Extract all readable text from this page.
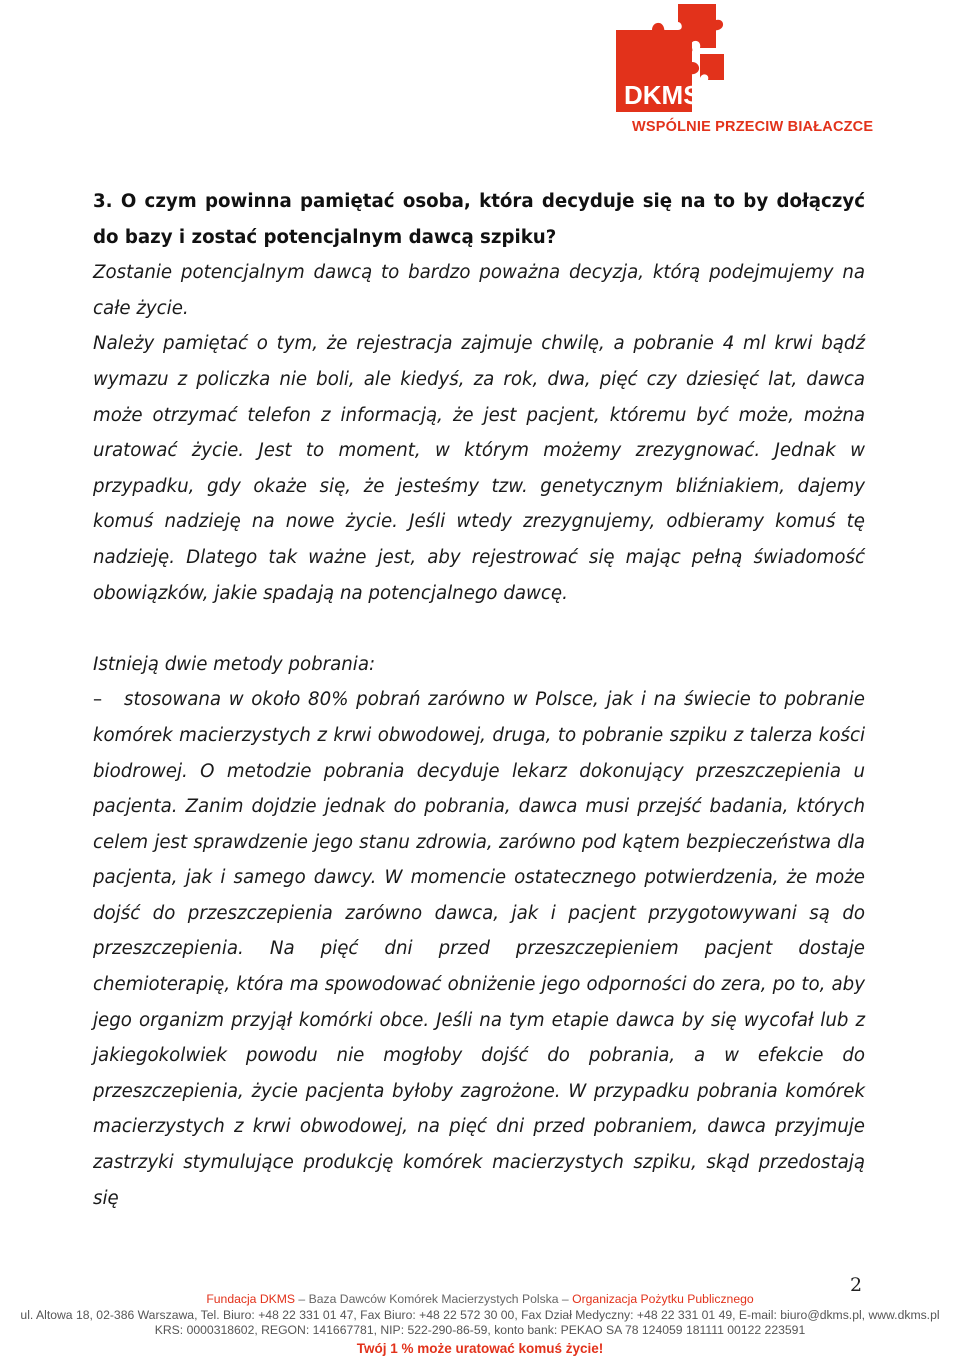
DKMS
WSPÓLNIE PRZECIW BIAŁACZCE
3. O czym powinna pamiętać osoba, która decyduje się na to by dołączyć do bazy i zostać potencjalnym dawcą szpiku?
Zostanie potencjalnym dawcą to bardzo poważna decyzja, którą podejmujemy na całe życie.
Należy pamiętać o tym, że rejestracja zajmuje chwilę, a pobranie 4 ml krwi bądź wymazu z policzka nie boli, ale kiedyś, za rok, dwa, pięć czy dziesięć lat, dawca może otrzymać telefon z informacją, że jest pacjent, któremu być może, można uratować życie. Jest to moment, w którym możemy zrezygnować. Jednak w przypadku, gdy okaże się, że jesteśmy tzw. genetycznym bliźniakiem, dajemy komuś nadzieję na nowe życie. Jeśli wtedy zrezygnujemy, odbieramy komuś tę nadzieję. Dlatego tak ważne jest, aby rejestrować się mając pełną świadomość obowiązków, jakie spadają na potencjalnego dawcę.
Istnieją dwie metody pobrania:
– stosowana w około 80% pobrań zarówno w Polsce, jak i na świecie to pobranie komórek macierzystych z krwi obwodowej, druga, to pobranie szpiku z talerza kości biodrowej. O metodzie pobrania decyduje lekarz dokonujący przeszczepienia u pacjenta. Zanim dojdzie jednak do pobrania, dawca musi przejść badania, których celem jest sprawdzenie jego stanu zdrowia, zarówno pod kątem bezpieczeństwa dla pacjenta, jak i samego dawcy. W momencie ostatecznego potwierdzenia, że może dojść do przeszczepienia zarówno dawca, jak i pacjent przygotowywani są do przeszczepienia. Na pięć dni przed przeszczepieniem pacjent dostaje chemioterapię, która ma spowodować obniżenie jego odporności do zera, po to, aby jego organizm przyjął komórki obce. Jeśli na tym etapie dawca by się wycofał lub z jakiegokolwiek powodu nie mogłoby dojść do pobrania, a w efekcie do przeszczepienia, życie pacjenta byłoby zagrożone. W przypadku pobrania komórek macierzystych z krwi obwodowej, na pięć dni przed pobraniem, dawca przyjmuje zastrzyki stymulujące produkcję komórek macierzystych szpiku, skąd przedostają się
2
Fundacja DKMS – Baza Dawców Komórek Macierzystych Polska – Organizacja Pożytku Publicznego
ul. Altowa 18, 02-386 Warszawa, Tel. Biuro: +48 22 331 01 47, Fax Biuro: +48 22 572 30 00, Fax Dział Medyczny: +48 22 331 01 49, E-mail: biuro@dkms.pl, www.dkms.pl
KRS: 0000318602, REGON: 141667781, NIP: 522-290-86-59, konto bank: PEKAO SA 78 124059 181111 00122 223591
Twój 1 % może uratować komuś życie!
